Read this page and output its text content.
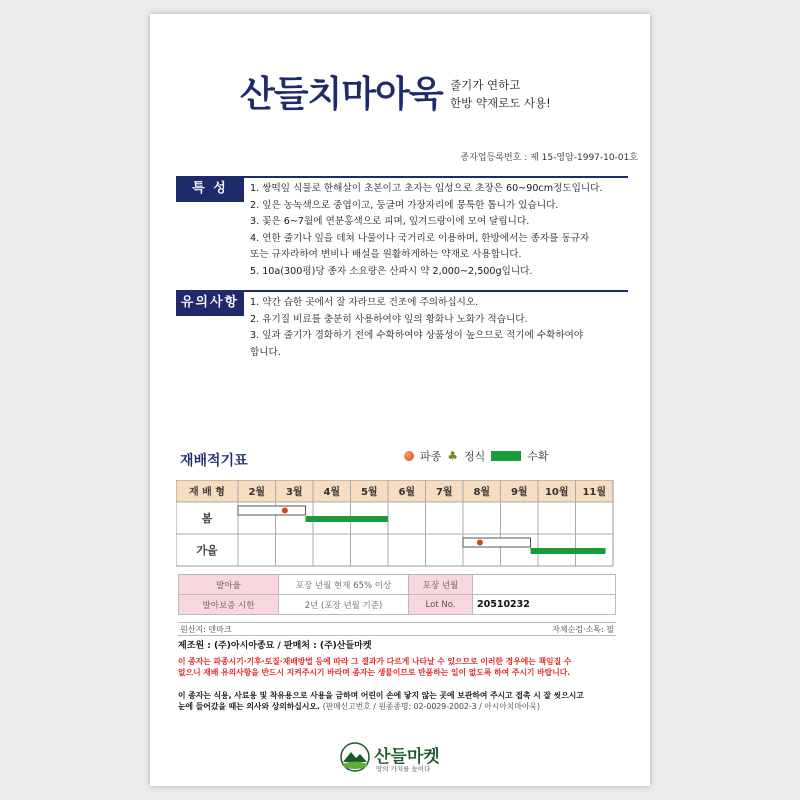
산들치마아욱 줄기가 연하고
한방 약재로도 사용!
종자업등록번호 : 제 15-영암-1997-10-01호
특 성	1. 쌍떡잎 식물로 한해살이 초본이고 초자는 입성으로 초장은 60~90cm정도입니다.
2. 잎은 농녹색으로 중엽이고, 둥글며 가장자리에 뭉툭한 톱니가 있습니다.
3. 꽃은 6~7월에 연분홍색으로 피며, 잎겨드랑이에 모여 달립니다.
4. 연한 줄기나 잎을 데쳐 나물이나 국거리로 이용하며, 한방에서는 종자를 동규자
또는 규자라하여 변비나 배설을 원활하게하는 약재로 사용합니다.
5. 10a(300평)당 종자 소요량은 산파시 약 2,000~2,500g입니다.
유의사항	1. 약간 습한 곳에서 잘 자라므로 건조에 주의하십시오.
2. 유기질 비료를 충분히 사용하여야 잎의 황화나 노화가 적습니다.
3. 잎과 줄기가 경화하기 전에 수확하여야 상품성이 높으므로 적기에 수확하여야
합니다.
재배적기표	파종 ♣ 정식	수확
재 배 형 2월 3월 4월 5월 6월 7월 8월 9월 10월 11월
봄
가을
발아율	포장 년월 현재 65% 이상	포장 년월	
발아보증 시한	2년 (포장 년월 기준)	Lot No.	20510232
원산지: 덴마크	자체순검·소독: 필
제조원 : (주)아시아종묘 / 판매처 : (주)산들마켓
이 종자는 파종시기·기후·토질·재배방법 등에 따라 그 결과가 다르게 나타날 수 있으므로 이러한 경우에는 책임질 수
없으니 재배 유의사항을 반드시 지켜주시기 바라며 종자는 생물이므로 반품하는 일이 없도록 하여 주시기 바랍니다.
이 종자는 식용, 사료용 및 착유용으로 사용을 금하며 어린이 손에 닿지 않는 곳에 보관하여 주시고 접촉 시 잘 씻으시고
눈에 들어갔을 때는 의사와 상의하십시오. (판매신고번호 / 원종종명: 02-0029-2002-3 / 아시아치마아욱)
산들마켓
땅의 가치를 높이다
